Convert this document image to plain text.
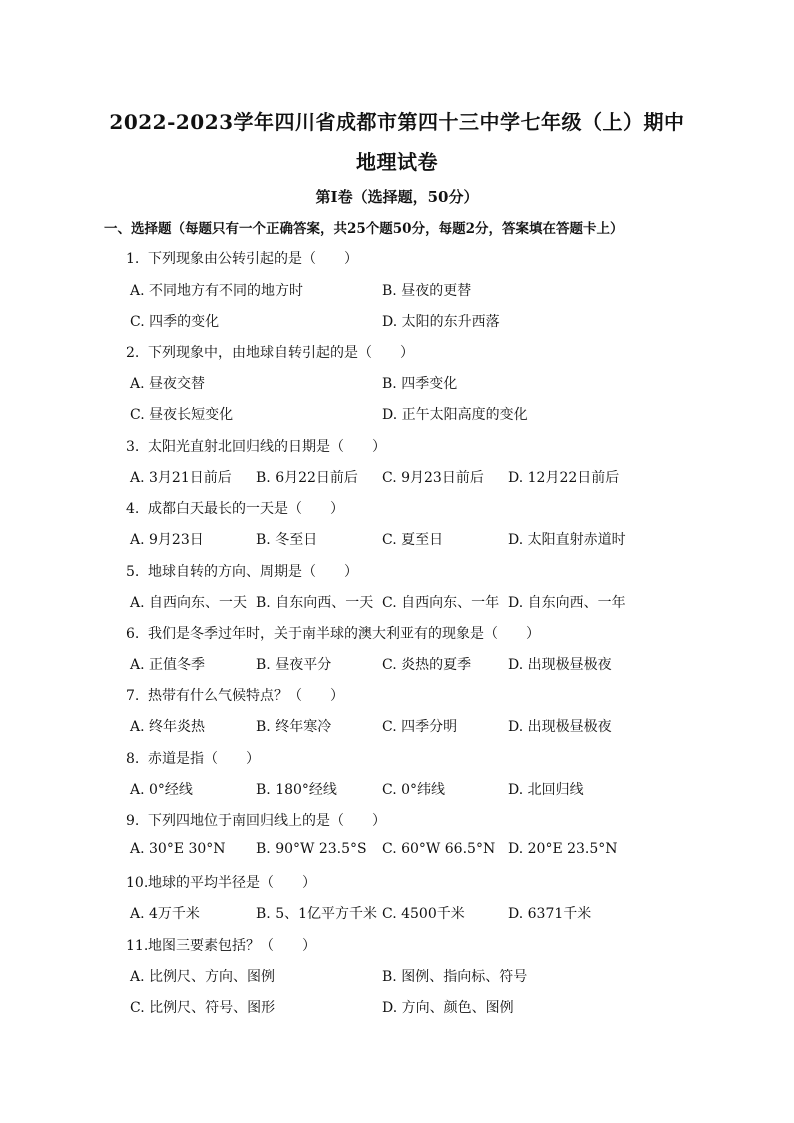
2022-2023学年四川省成都市第四十三中学七年级（上）期中
地理试卷
第Ⅰ卷（选择题，50分）
一、选择题（每题只有一个正确答案，共25个题50分，每题2分，答案填在答题卡上）
1. 下列现象由公转引起的是（　　）
A. 不同地方有不同的地方时	B. 昼夜的更替
C. 四季的变化	D. 太阳的东升西落
2. 下列现象中，由地球自转引起的是（　　）
A. 昼夜交替	B. 四季变化
C. 昼夜长短变化	D. 正午太阳高度的变化
3. 太阳光直射北回归线的日期是（　　）
A. 3月21日前后 B. 6月22日前后 C. 9月23日前后 D. 12月22日前后
4. 成都白天最长的一天是（　　）
A. 9月23日	B. 冬至日	C. 夏至日	D. 太阳直射赤道时
5. 地球自转的方向、周期是（　　）
A. 自西向东、一天 B. 自东向西、一天 C. 自西向东、一年 D. 自东向西、一年
6. 我们是冬季过年时，关于南半球的澳大利亚有的现象是（　　）
A. 正值冬季	B. 昼夜平分	C. 炎热的夏季	D. 出现极昼极夜
7. 热带有什么气候特点？（　　）
A. 终年炎热	B. 终年寒冷	C. 四季分明	D. 出现极昼极夜
8. 赤道是指（　　）
A. 0°经线	B. 180°经线	C. 0°纬线	D. 北回归线
9. 下列四地位于南回归线上的是（　　）
A. 30°E 30°N B. 90°W 23.5°S C. 60°W 66.5°N D. 20°E 23.5°N
10.地球的平均半径是（　　）
A. 4万千米	B. 5、1亿平方千米 C. 4500千米	D. 6371千米
11.地图三要素包括？（　　）
A. 比例尺、方向、图例	B. 图例、指向标、符号
C. 比例尺、符号、图形	D. 方向、颜色、图例
